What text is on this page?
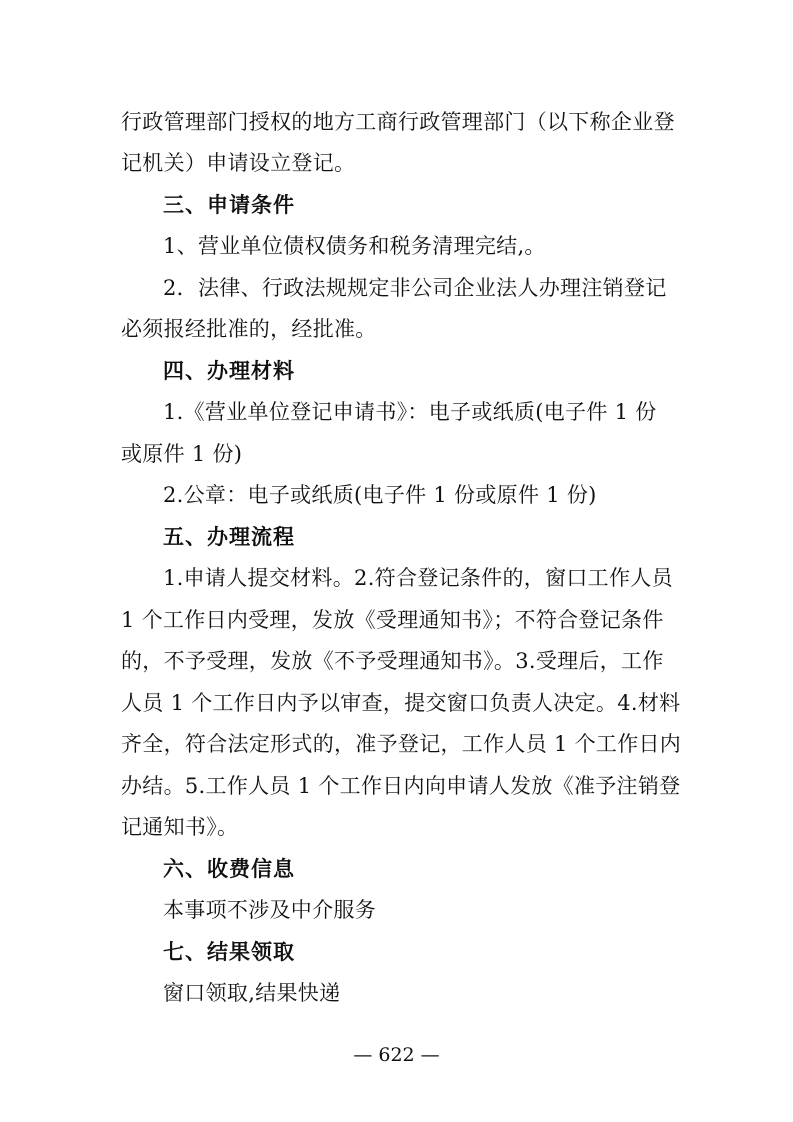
行政管理部门授权的地方工商行政管理部门（以下称企业登
记机关）申请设立登记。
三、申请条件
1、营业单位债权债务和税务清理完结,。
2．法律、行政法规规定非公司企业法人办理注销登记
必须报经批准的，经批准。
四、办理材料
1.《营业单位登记申请书》：电子或纸质(电子件 1 份
或原件 1 份)
2.公章：电子或纸质(电子件 1 份或原件 1 份)
五、办理流程
1.申请人提交材料。2.符合登记条件的，窗口工作人员
1 个工作日内受理，发放《受理通知书》；不符合登记条件
的，不予受理，发放《不予受理通知书》。3.受理后，工作
人员 1 个工作日内予以审查，提交窗口负责人决定。4.材料
齐全，符合法定形式的，准予登记，工作人员 1 个工作日内
办结。5.工作人员 1 个工作日内向申请人发放《准予注销登
记通知书》。
六、收费信息
本事项不涉及中介服务
七、结果领取
窗口领取,结果快递
— 622 —
